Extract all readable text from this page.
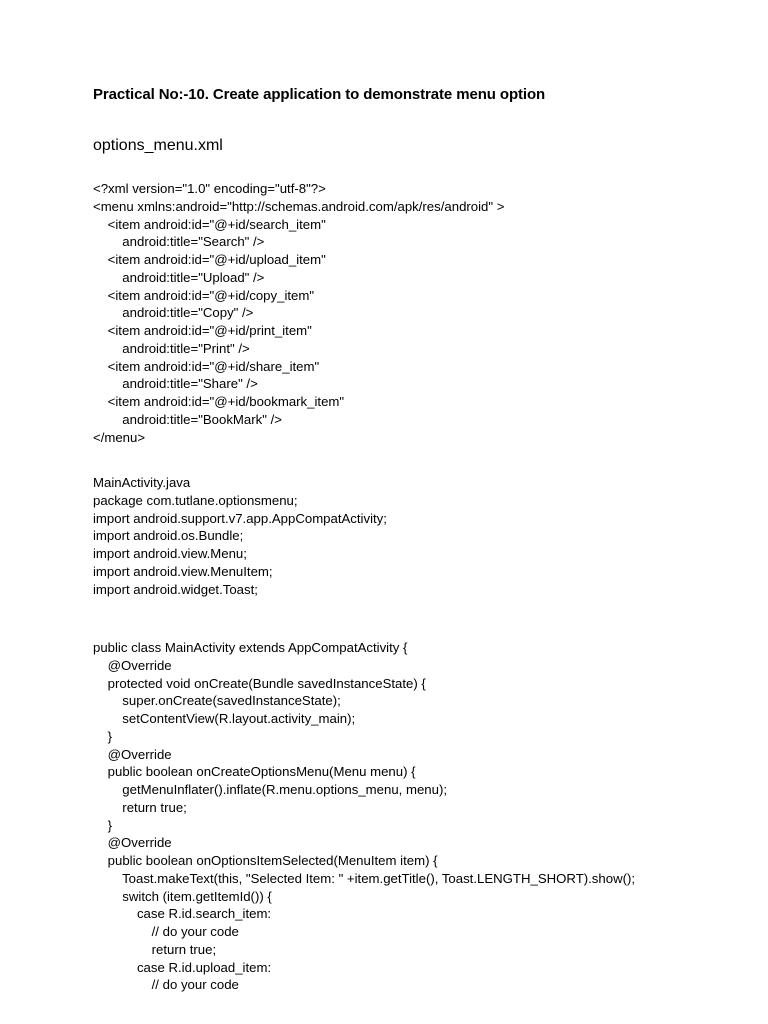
Practical No:-10. Create application to demonstrate menu option
options_menu.xml
<?xml version="1.0" encoding="utf-8"?>
<menu xmlns:android="http://schemas.android.com/apk/res/android" >
<item android:id="@+id/search_item"
android:title="Search" />
<item android:id="@+id/upload_item"
android:title="Upload" />
<item android:id="@+id/copy_item"
android:title="Copy" />
<item android:id="@+id/print_item"
android:title="Print" />
<item android:id="@+id/share_item"
android:title="Share" />
<item android:id="@+id/bookmark_item"
android:title="BookMark" />
</menu>
MainActivity.java
package com.tutlane.optionsmenu;
import android.support.v7.app.AppCompatActivity;
import android.os.Bundle;
import android.view.Menu;
import android.view.MenuItem;
import android.widget.Toast;
public class MainActivity extends AppCompatActivity {
@Override
protected void onCreate(Bundle savedInstanceState) {
super.onCreate(savedInstanceState);
setContentView(R.layout.activity_main);
}
@Override
public boolean onCreateOptionsMenu(Menu menu) {
getMenuInflater().inflate(R.menu.options_menu, menu);
return true;
}
@Override
public boolean onOptionsItemSelected(MenuItem item) {
Toast.makeText(this, "Selected Item: " +item.getTitle(), Toast.LENGTH_SHORT).show();
switch (item.getItemId()) {
case R.id.search_item:
// do your code
return true;
case R.id.upload_item:
// do your code
